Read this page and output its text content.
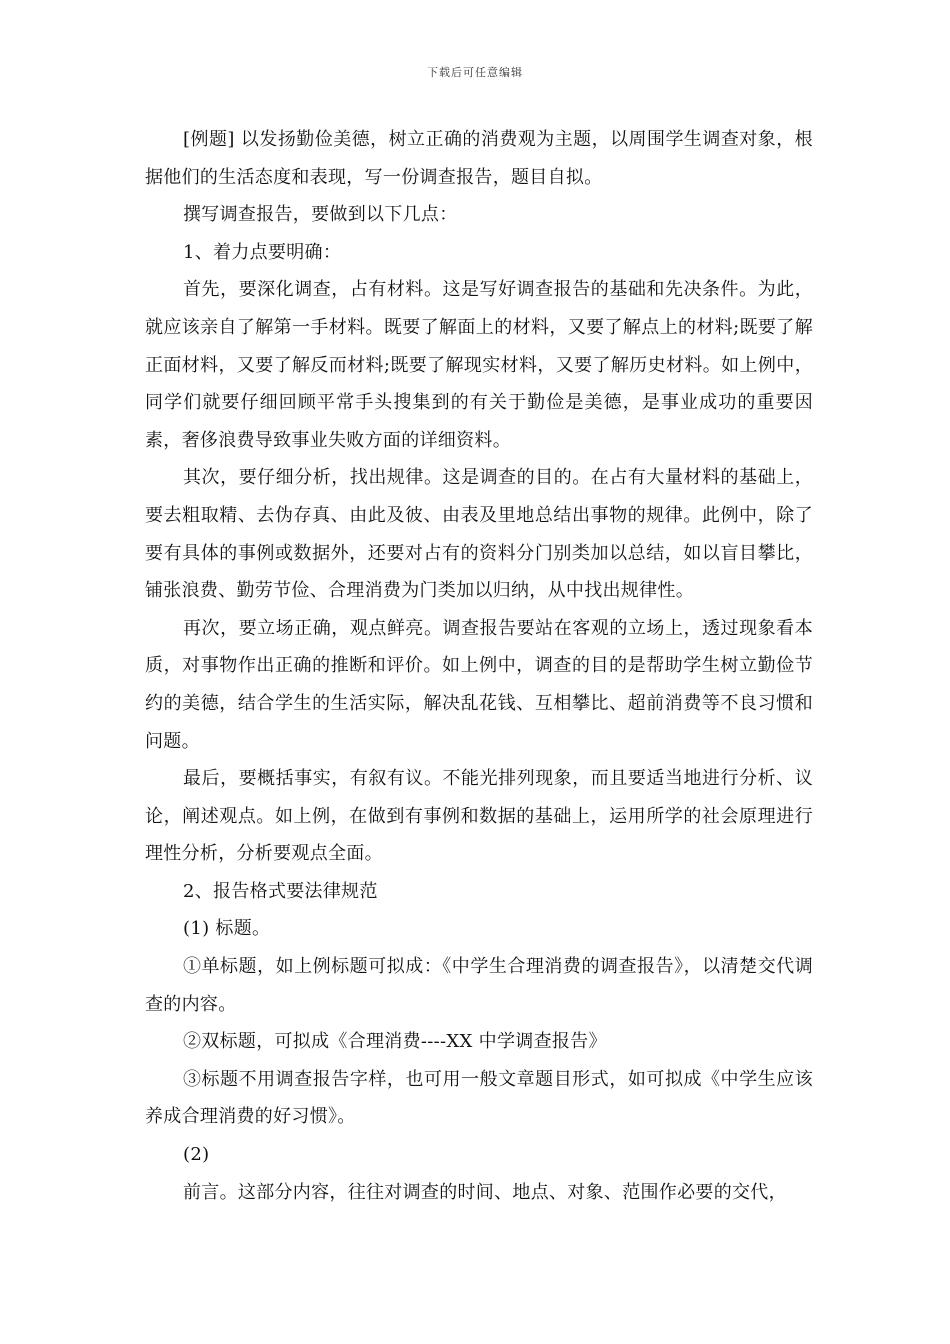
下载后可任意编辑

[例题] 以发扬勤俭美德，树立正确的消费观为主题，以周围学生调查对象，根据他们的生活态度和表现，写一份调查报告，题目自拟。

撰写调查报告，要做到以下几点：

1、着力点要明确：

首先，要深化调查，占有材料。这是写好调查报告的基础和先决条件。为此，就应该亲自了解第一手材料。既要了解面上的材料，又要了解点上的材料;既要了解正面材料，又要了解反而材料;既要了解现实材料，又要了解历史材料。如上例中，同学们就要仔细回顾平常手头搜集到的有关于勤俭是美德，是事业成功的重要因素，奢侈浪费导致事业失败方面的详细资料。

其次，要仔细分析，找出规律。这是调查的目的。在占有大量材料的基础上，要去粗取精、去伪存真、由此及彼、由表及里地总结出事物的规律。此例中，除了要有具体的事例或数据外，还要对占有的资料分门别类加以总结，如以盲目攀比，铺张浪费、勤劳节俭、合理消费为门类加以归纳，从中找出规律性。

再次，要立场正确，观点鲜亮。调查报告要站在客观的立场上，透过现象看本质，对事物作出正确的推断和评价。如上例中，调查的目的是帮助学生树立勤俭节约的美德，结合学生的生活实际，解决乱花钱、互相攀比、超前消费等不良习惯和问题。

最后，要概括事实，有叙有议。不能光排列现象，而且要适当地进行分析、议论，阐述观点。如上例，在做到有事例和数据的基础上，运用所学的社会原理进行理性分析，分析要观点全面。

2、报告格式要法律规范

(1) 标题。

①单标题，如上例标题可拟成：《中学生合理消费的调查报告》，以清楚交代调查的内容。

②双标题，可拟成《合理消费----XX 中学调查报告》

③标题不用调查报告字样，也可用一般文章题目形式，如可拟成《中学生应该养成合理消费的好习惯》。

(2)

前言。这部分内容，往往对调查的时间、地点、对象、范围作必要的交代，
